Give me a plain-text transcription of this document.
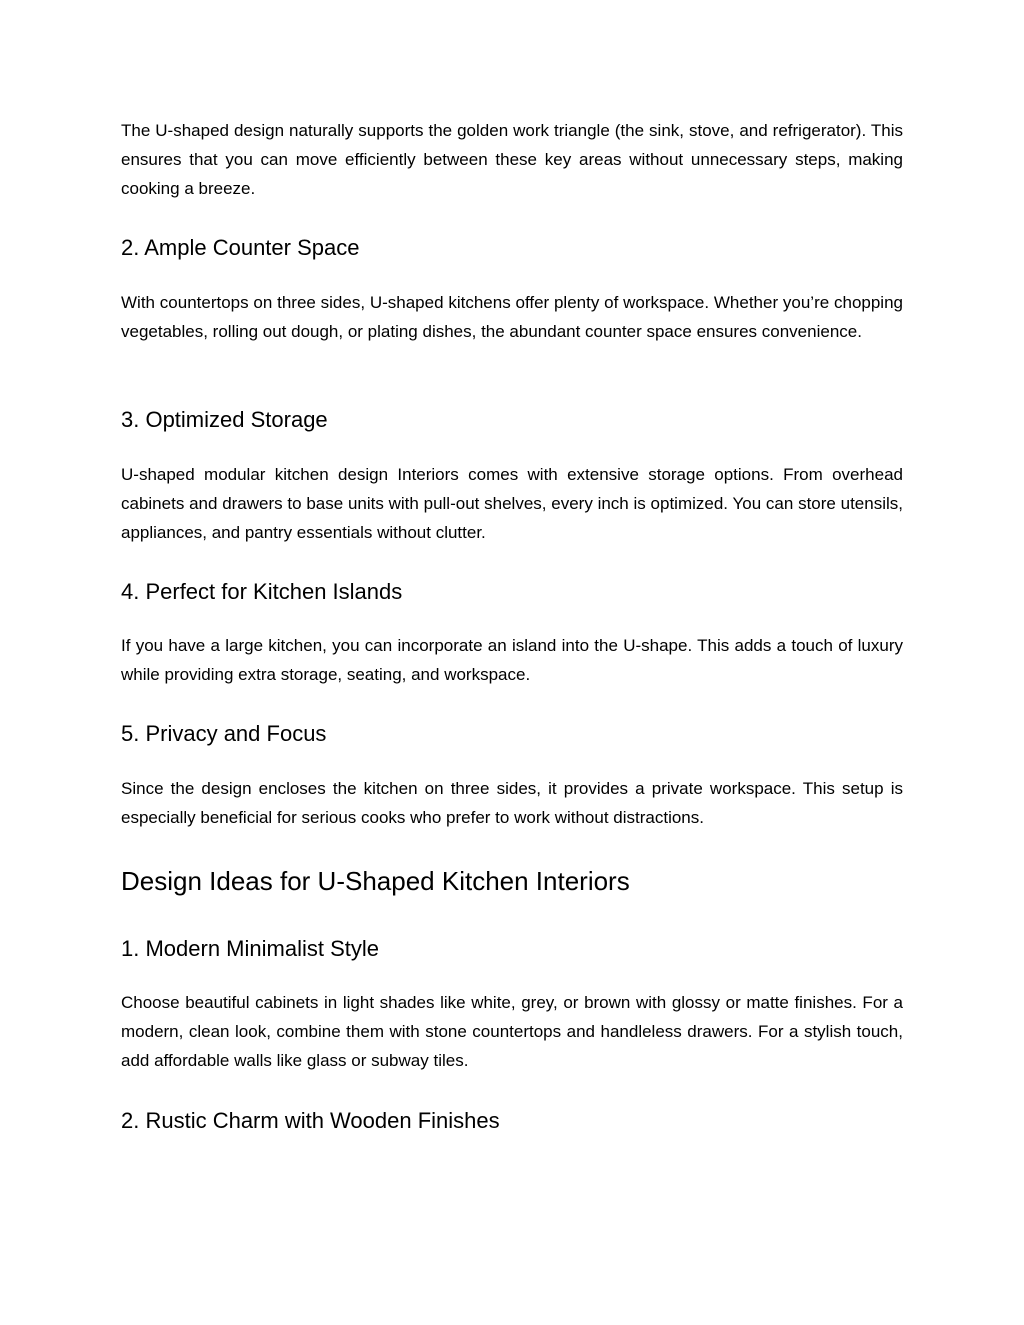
The U-shaped design naturally supports the golden work triangle (the sink, stove, and refrigerator). This ensures that you can move efficiently between these key areas without unnecessary steps, making cooking a breeze.

2. Ample Counter Space

With countertops on three sides, U-shaped kitchens offer plenty of workspace. Whether you’re chopping vegetables, rolling out dough, or plating dishes, the abundant counter space ensures convenience.

3. Optimized Storage

U-shaped modular kitchen design Interiors comes with extensive storage options. From overhead cabinets and drawers to base units with pull-out shelves, every inch is optimized. You can store utensils, appliances, and pantry essentials without clutter.

4. Perfect for Kitchen Islands

If you have a large kitchen, you can incorporate an island into the U-shape. This adds a touch of luxury while providing extra storage, seating, and workspace.

5. Privacy and Focus

Since the design encloses the kitchen on three sides, it provides a private workspace. This setup is especially beneficial for serious cooks who prefer to work without distractions.

Design Ideas for U-Shaped Kitchen Interiors
1. Modern Minimalist Style

Choose beautiful cabinets in light shades like white, grey, or brown with glossy or matte finishes. For a modern, clean look, combine them with stone countertops and handleless drawers. For a stylish touch, add affordable walls like glass or subway tiles.

2. Rustic Charm with Wooden Finishes
